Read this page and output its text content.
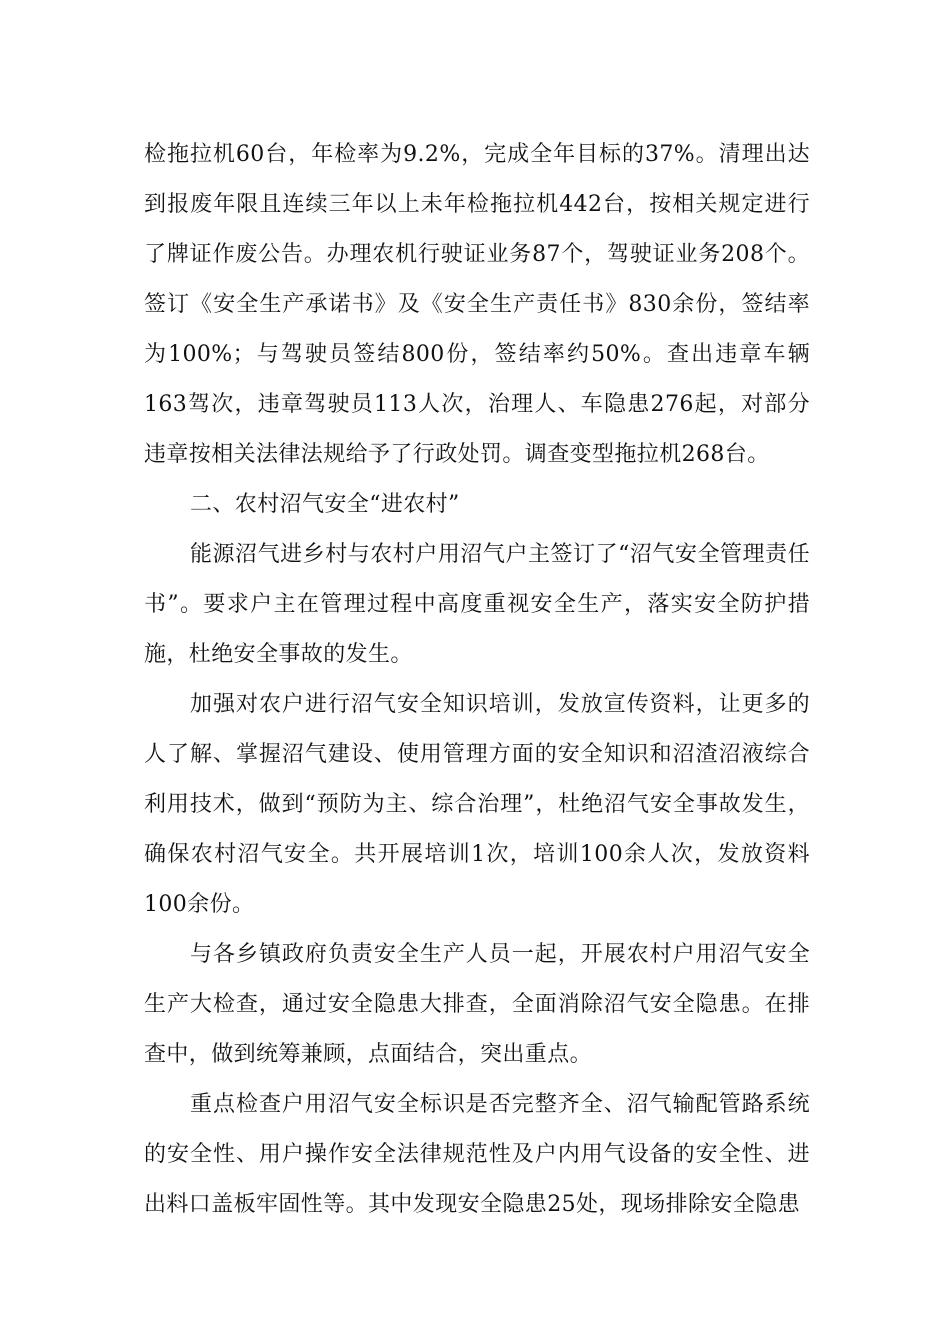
检拖拉机60台，年检率为9.2%，完成全年目标的37%。清理出达到报废年限且连续三年以上未年检拖拉机442台，按相关规定进行了牌证作废公告。办理农机行驶证业务87个，驾驶证业务208个。签订《安全生产承诺书》及《安全生产责任书》830余份，签结率为100%；与驾驶员签结800份，签结率约50%。查出违章车辆163驾次，违章驾驶员113人次，治理人、车隐患276起，对部分违章按相关法律法规给予了行政处罚。调查变型拖拉机268台。

二、农村沼气安全“进农村”

能源沼气进乡村与农村户用沼气户主签订了“沼气安全管理责任书”。要求户主在管理过程中高度重视安全生产，落实安全防护措施，杜绝安全事故的发生。

加强对农户进行沼气安全知识培训，发放宣传资料，让更多的人了解、掌握沼气建设、使用管理方面的安全知识和沼渣沼液综合利用技术，做到“预防为主、综合治理”，杜绝沼气安全事故发生，确保农村沼气安全。共开展培训1次，培训100余人次，发放资料100余份。

与各乡镇政府负责安全生产人员一起，开展农村户用沼气安全生产大检查，通过安全隐患大排查，全面消除沼气安全隐患。在排查中，做到统筹兼顾，点面结合，突出重点。

重点检查户用沼气安全标识是否完整齐全、沼气输配管路系统的安全性、用户操作安全法律规范性及户内用气设备的安全性、进出料口盖板牢固性等。其中发现安全隐患25处，现场排除安全隐患
